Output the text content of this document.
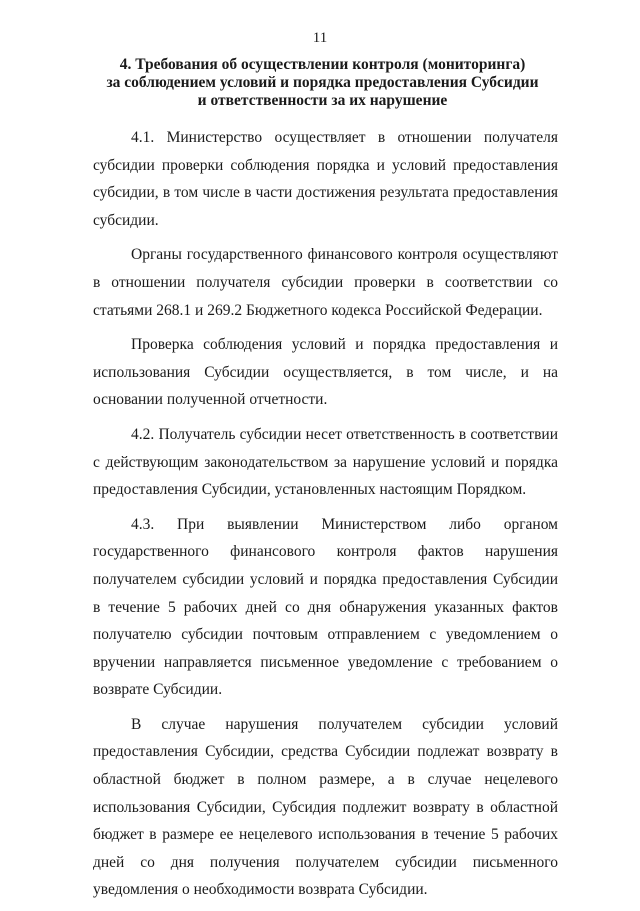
11
4. Требования об осуществлении контроля (мониторинга)
за соблюдением условий и порядка предоставления Субсидии
и ответственности за их нарушение

4.1. Министерство осуществляет в отношении получателя субсидии проверки соблюдения порядка и условий предоставления субсидии, в том числе в части достижения результата предоставления субсидии.

Органы государственного финансового контроля осуществляют в отношении получателя субсидии проверки в соответствии со статьями 268.1 и 269.2 Бюджетного кодекса Российской Федерации.

Проверка соблюдения условий и порядка предоставления и использования Субсидии осуществляется, в том числе, и на основании полученной отчетности.

4.2. Получатель субсидии несет ответственность в соответствии с действующим законодательством за нарушение условий и порядка предоставления Субсидии, установленных настоящим Порядком.

4.3. При выявлении Министерством либо органом государственного финансового контроля фактов нарушения получателем субсидии условий и порядка предоставления Субсидии в течение 5 рабочих дней со дня обнаружения указанных фактов получателю субсидии почтовым отправлением с уведомлением о вручении направляется письменное уведомление с требованием о возврате Субсидии.

В случае нарушения получателем субсидии условий предоставления Субсидии, средства Субсидии подлежат возврату в областной бюджет в полном размере, а в случае нецелевого использования Субсидии, Субсидия подлежит возврату в областной бюджет в размере ее нецелевого использования в течение 5 рабочих дней со дня получения получателем субсидии письменного уведомления о необходимости возврата Субсидии.
